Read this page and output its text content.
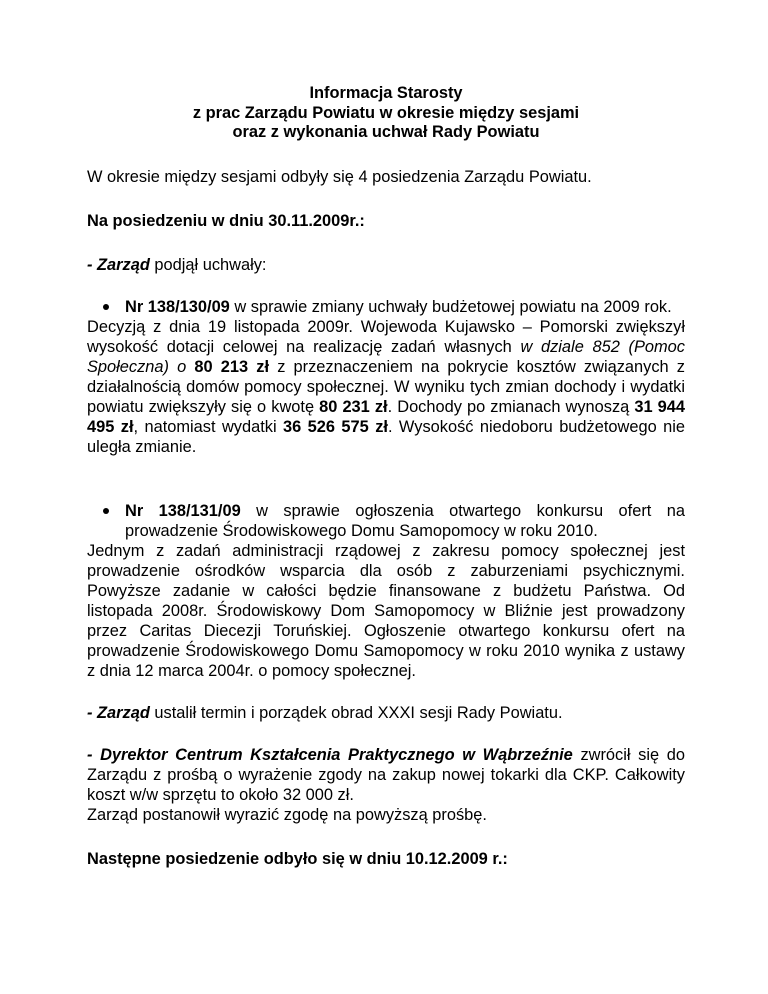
Informacja Starosty
z prac Zarządu Powiatu w okresie między sesjami
oraz z wykonania uchwał Rady Powiatu

W okresie między sesjami odbyły się 4 posiedzenia Zarządu Powiatu.

Na posiedzeniu w dniu 30.11.2009r.:

- Zarząd podjął uchwały:

Nr 138/130/09 w sprawie zmiany uchwały budżetowej powiatu na 2009 rok.

Decyzją z dnia 19 listopada 2009r. Wojewoda Kujawsko – Pomorski zwiększył wysokość dotacji celowej na realizację zadań własnych w dziale 852 (Pomoc Społeczna) o 80 213 zł z przeznaczeniem na pokrycie kosztów związanych z działalnością domów pomocy społecznej. W wyniku tych zmian dochody i wydatki powiatu zwiększyły się o kwotę 80 231 zł. Dochody po zmianach wynoszą 31 944 495 zł, natomiast wydatki 36 526 575 zł. Wysokość niedoboru budżetowego nie uległa zmianie.

Nr 138/131/09 w sprawie ogłoszenia otwartego konkursu ofert na prowadzenie Środowiskowego Domu Samopomocy w roku 2010.

Jednym z zadań administracji rządowej z zakresu pomocy społecznej jest prowadzenie ośrodków wsparcia dla osób z zaburzeniami psychicznymi. Powyższe zadanie w całości będzie finansowane z budżetu Państwa. Od listopada 2008r. Środowiskowy Dom Samopomocy w Bliźnie jest prowadzony przez Caritas Diecezji Toruńskiej. Ogłoszenie otwartego konkursu ofert na prowadzenie Środowiskowego Domu Samopomocy w roku 2010 wynika z ustawy z dnia 12 marca 2004r. o pomocy społecznej.

- Zarząd ustalił termin i porządek obrad XXXI sesji Rady Powiatu.

- Dyrektor Centrum Kształcenia Praktycznego w Wąbrzeźnie zwrócił się do Zarządu z prośbą o wyrażenie zgody na zakup nowej tokarki dla CKP. Całkowity koszt w/w sprzętu to około 32 000 zł.

Zarząd postanowił wyrazić zgodę na powyższą prośbę.

Następne posiedzenie odbyło się w dniu 10.12.2009 r.:
